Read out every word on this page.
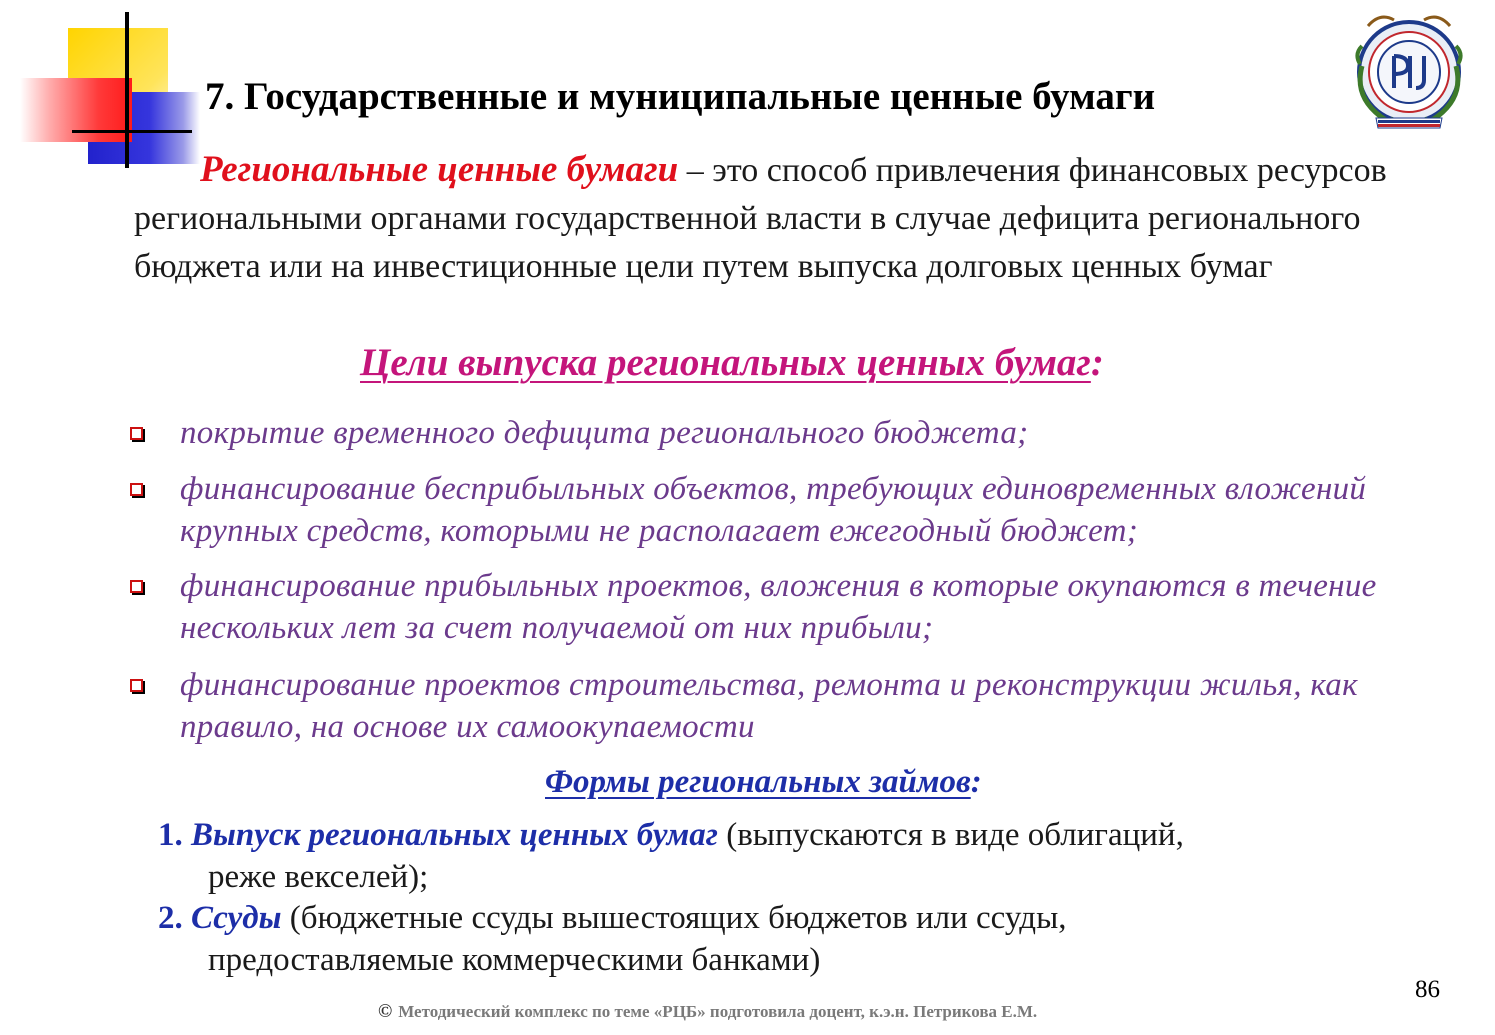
7. Государственные и муниципальные ценные бумаги
Региональные ценные бумаги – это способ привлечения финансовых ресурсов региональными органами государственной власти в случае дефицита регионального бюджета или на инвестиционные цели путем выпуска долговых ценных бумаг
Цели выпуска региональных ценных бумаг:
покрытие временного дефицита регионального бюджета;
финансирование бесприбыльных объектов, требующих единовременных вложений крупных средств, которыми не располагает ежегодный бюджет;
финансирование прибыльных проектов, вложения в которые окупаются в течение нескольких лет за счет получаемой от них прибыли;
финансирование проектов строительства, ремонта и реконструкции жилья, как правило, на основе их самоокупаемости
Формы региональных займов:
1. Выпуск региональных ценных бумаг (выпускаются в виде облигаций,
реже векселей);
2. Ссуды (бюджетные ссуды вышестоящих бюджетов или ссуды,
предоставляемые коммерческими банками)
86
© Методический комплекс по теме «РЦБ» подготовила доцент, к.э.н. Петрикова Е.М.
